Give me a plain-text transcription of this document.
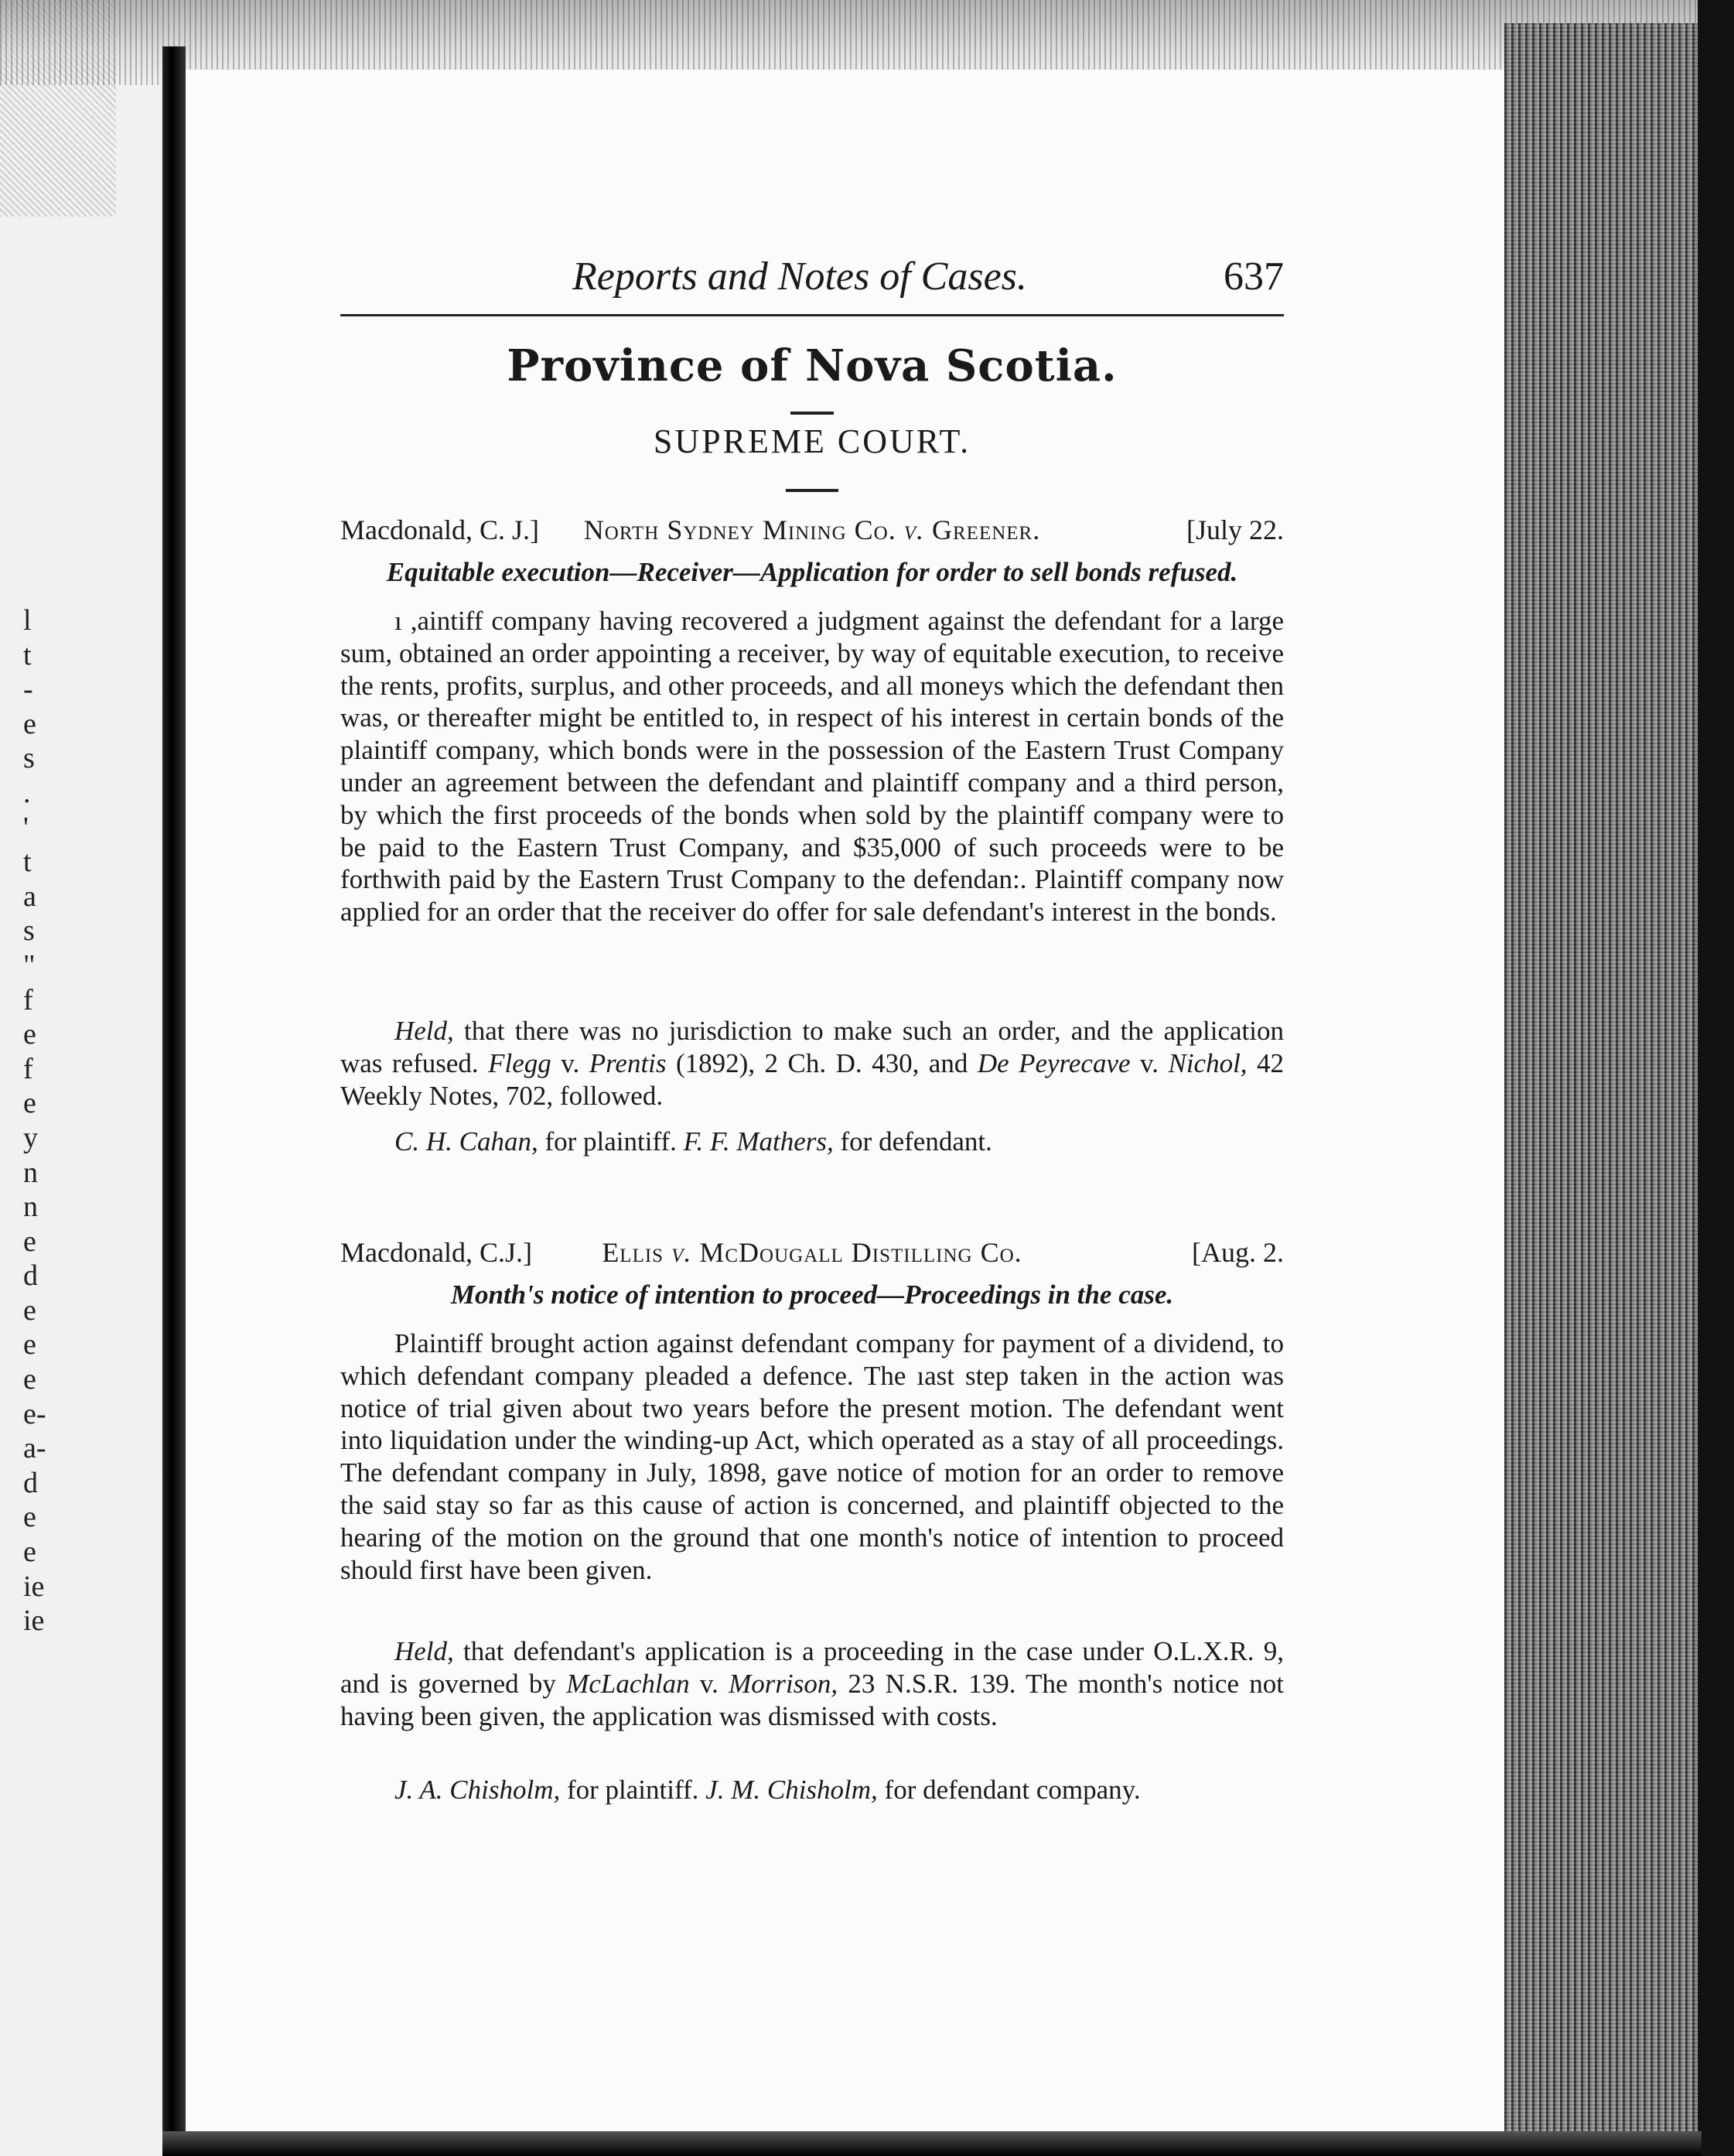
l
t
-
e
s
.
'
t
a
s
"
f
e
f
e
y
n
n
e
d
e
e
e
e-
a-
d
e
e
ie
ie
Reports and Notes of Cases.	637
Province of Nova Scotia.
SUPREME COURT.
Macdonald, C. J.]	North Sydney Mining Co. v. Greener.	[July 22.
Equitable execution—Receiver—Application for order to sell bonds refused.

ı ,aintiff company having recovered a judgment against the defendant for a large sum, obtained an order appointing a receiver, by way of equitable execution, to receive the rents, profits, surplus, and other proceeds, and all moneys which the defendant then was, or thereafter might be entitled to, in respect of his interest in certain bonds of the plaintiff company, which bonds were in the possession of the Eastern Trust Company under an agreement between the defendant and plaintiff company and a third person, by which the first proceeds of the bonds when sold by the plaintiff company were to be paid to the Eastern Trust Company, and $35,000 of such proceeds were to be forthwith paid by the Eastern Trust Company to the defendan:. Plaintiff company now applied for an order that the receiver do offer for sale defendant's interest in the bonds.

Held, that there was no jurisdiction to make such an order, and the application was refused. Flegg v. Prentis (1892), 2 Ch. D. 430, and De Peyrecave v. Nichol, 42 Weekly Notes, 702, followed.

C. H. Cahan, for plaintiff. F. F. Mathers, for defendant.
Macdonald, C.J.]	Ellis v. McDougall Distilling Co.	[Aug. 2.
Month's notice of intention to proceed—Proceedings in the case.

Plaintiff brought action against defendant company for payment of a dividend, to which defendant company pleaded a defence. The ıast step taken in the action was notice of trial given about two years before the present motion. The defendant went into liquidation under the winding-up Act, which operated as a stay of all proceedings. The defendant company in July, 1898, gave notice of motion for an order to remove the said stay so far as this cause of action is concerned, and plaintiff objected to the hearing of the motion on the ground that one month's notice of intention to proceed should first have been given.

Held, that defendant's application is a proceeding in the case under O.L.X.R. 9, and is governed by McLachlan v. Morrison, 23 N.S.R. 139. The month's notice not having been given, the application was dismissed with costs.

J. A. Chisholm, for plaintiff. J. M. Chisholm, for defendant company.
